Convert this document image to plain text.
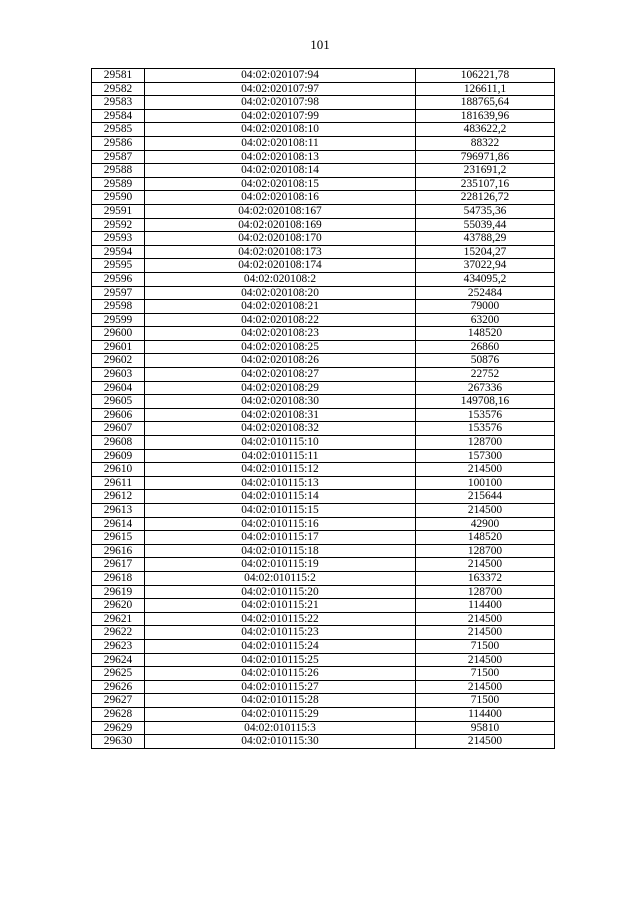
101
29581	04:02:020107:94	106221,78
29582	04:02:020107:97	126611,1
29583	04:02:020107:98	188765,64
29584	04:02:020107:99	181639,96
29585	04:02:020108:10	483622,2
29586	04:02:020108:11	88322
29587	04:02:020108:13	796971,86
29588	04:02:020108:14	231691,2
29589	04:02:020108:15	235107,16
29590	04:02:020108:16	228126,72
29591	04:02:020108:167	54735,36
29592	04:02:020108:169	55039,44
29593	04:02:020108:170	43788,29
29594	04:02:020108:173	15204,27
29595	04:02:020108:174	37022,94
29596	04:02:020108:2	434095,2
29597	04:02:020108:20	252484
29598	04:02:020108:21	79000
29599	04:02:020108:22	63200
29600	04:02:020108:23	148520
29601	04:02:020108:25	26860
29602	04:02:020108:26	50876
29603	04:02:020108:27	22752
29604	04:02:020108:29	267336
29605	04:02:020108:30	149708,16
29606	04:02:020108:31	153576
29607	04:02:020108:32	153576
29608	04:02:010115:10	128700
29609	04:02:010115:11	157300
29610	04:02:010115:12	214500
29611	04:02:010115:13	100100
29612	04:02:010115:14	215644
29613	04:02:010115:15	214500
29614	04:02:010115:16	42900
29615	04:02:010115:17	148520
29616	04:02:010115:18	128700
29617	04:02:010115:19	214500
29618	04:02:010115:2	163372
29619	04:02:010115:20	128700
29620	04:02:010115:21	114400
29621	04:02:010115:22	214500
29622	04:02:010115:23	214500
29623	04:02:010115:24	71500
29624	04:02:010115:25	214500
29625	04:02:010115:26	71500
29626	04:02:010115:27	214500
29627	04:02:010115:28	71500
29628	04:02:010115:29	114400
29629	04:02:010115:3	95810
29630	04:02:010115:30	214500
